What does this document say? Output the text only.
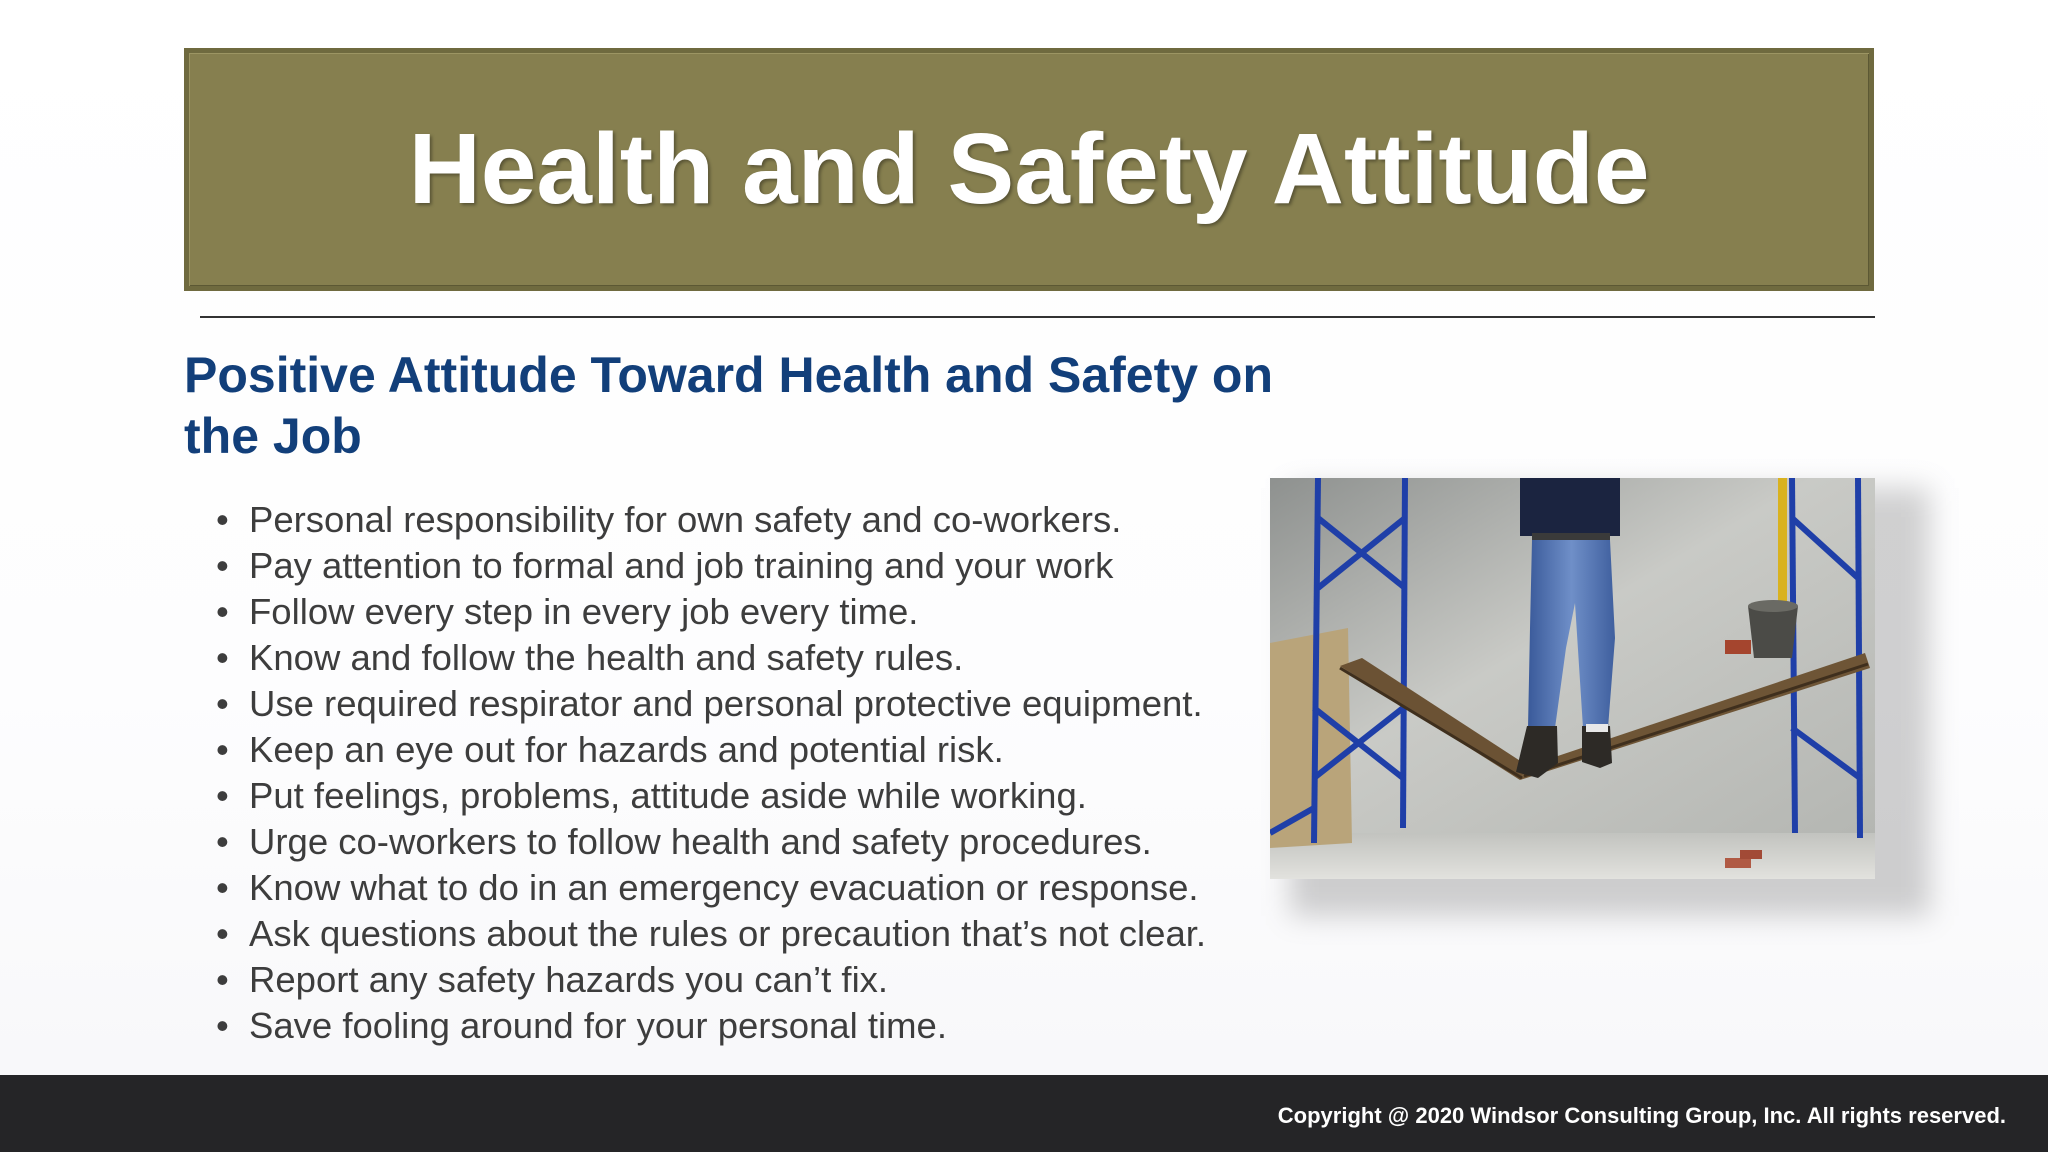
Health and Safety Attitude
Positive Attitude Toward Health and Safety on the Job
• Personal responsibility for own safety and co-workers.
• Pay attention to formal and job training and your work
• Follow every step in every job every time.
• Know and follow the health and safety rules.
• Use required respirator and personal protective equipment.
• Keep an eye out for hazards and potential risk.
• Put feelings, problems, attitude aside while working.
• Urge co-workers to follow health and safety procedures.
• Know what to do in an emergency evacuation or response.
• Ask questions about the rules or precaution that’s not clear.
• Report any safety hazards you can’t fix.
• Save fooling around for your personal time.
Copyright @ 2020 Windsor Consulting Group, Inc. All rights reserved.
